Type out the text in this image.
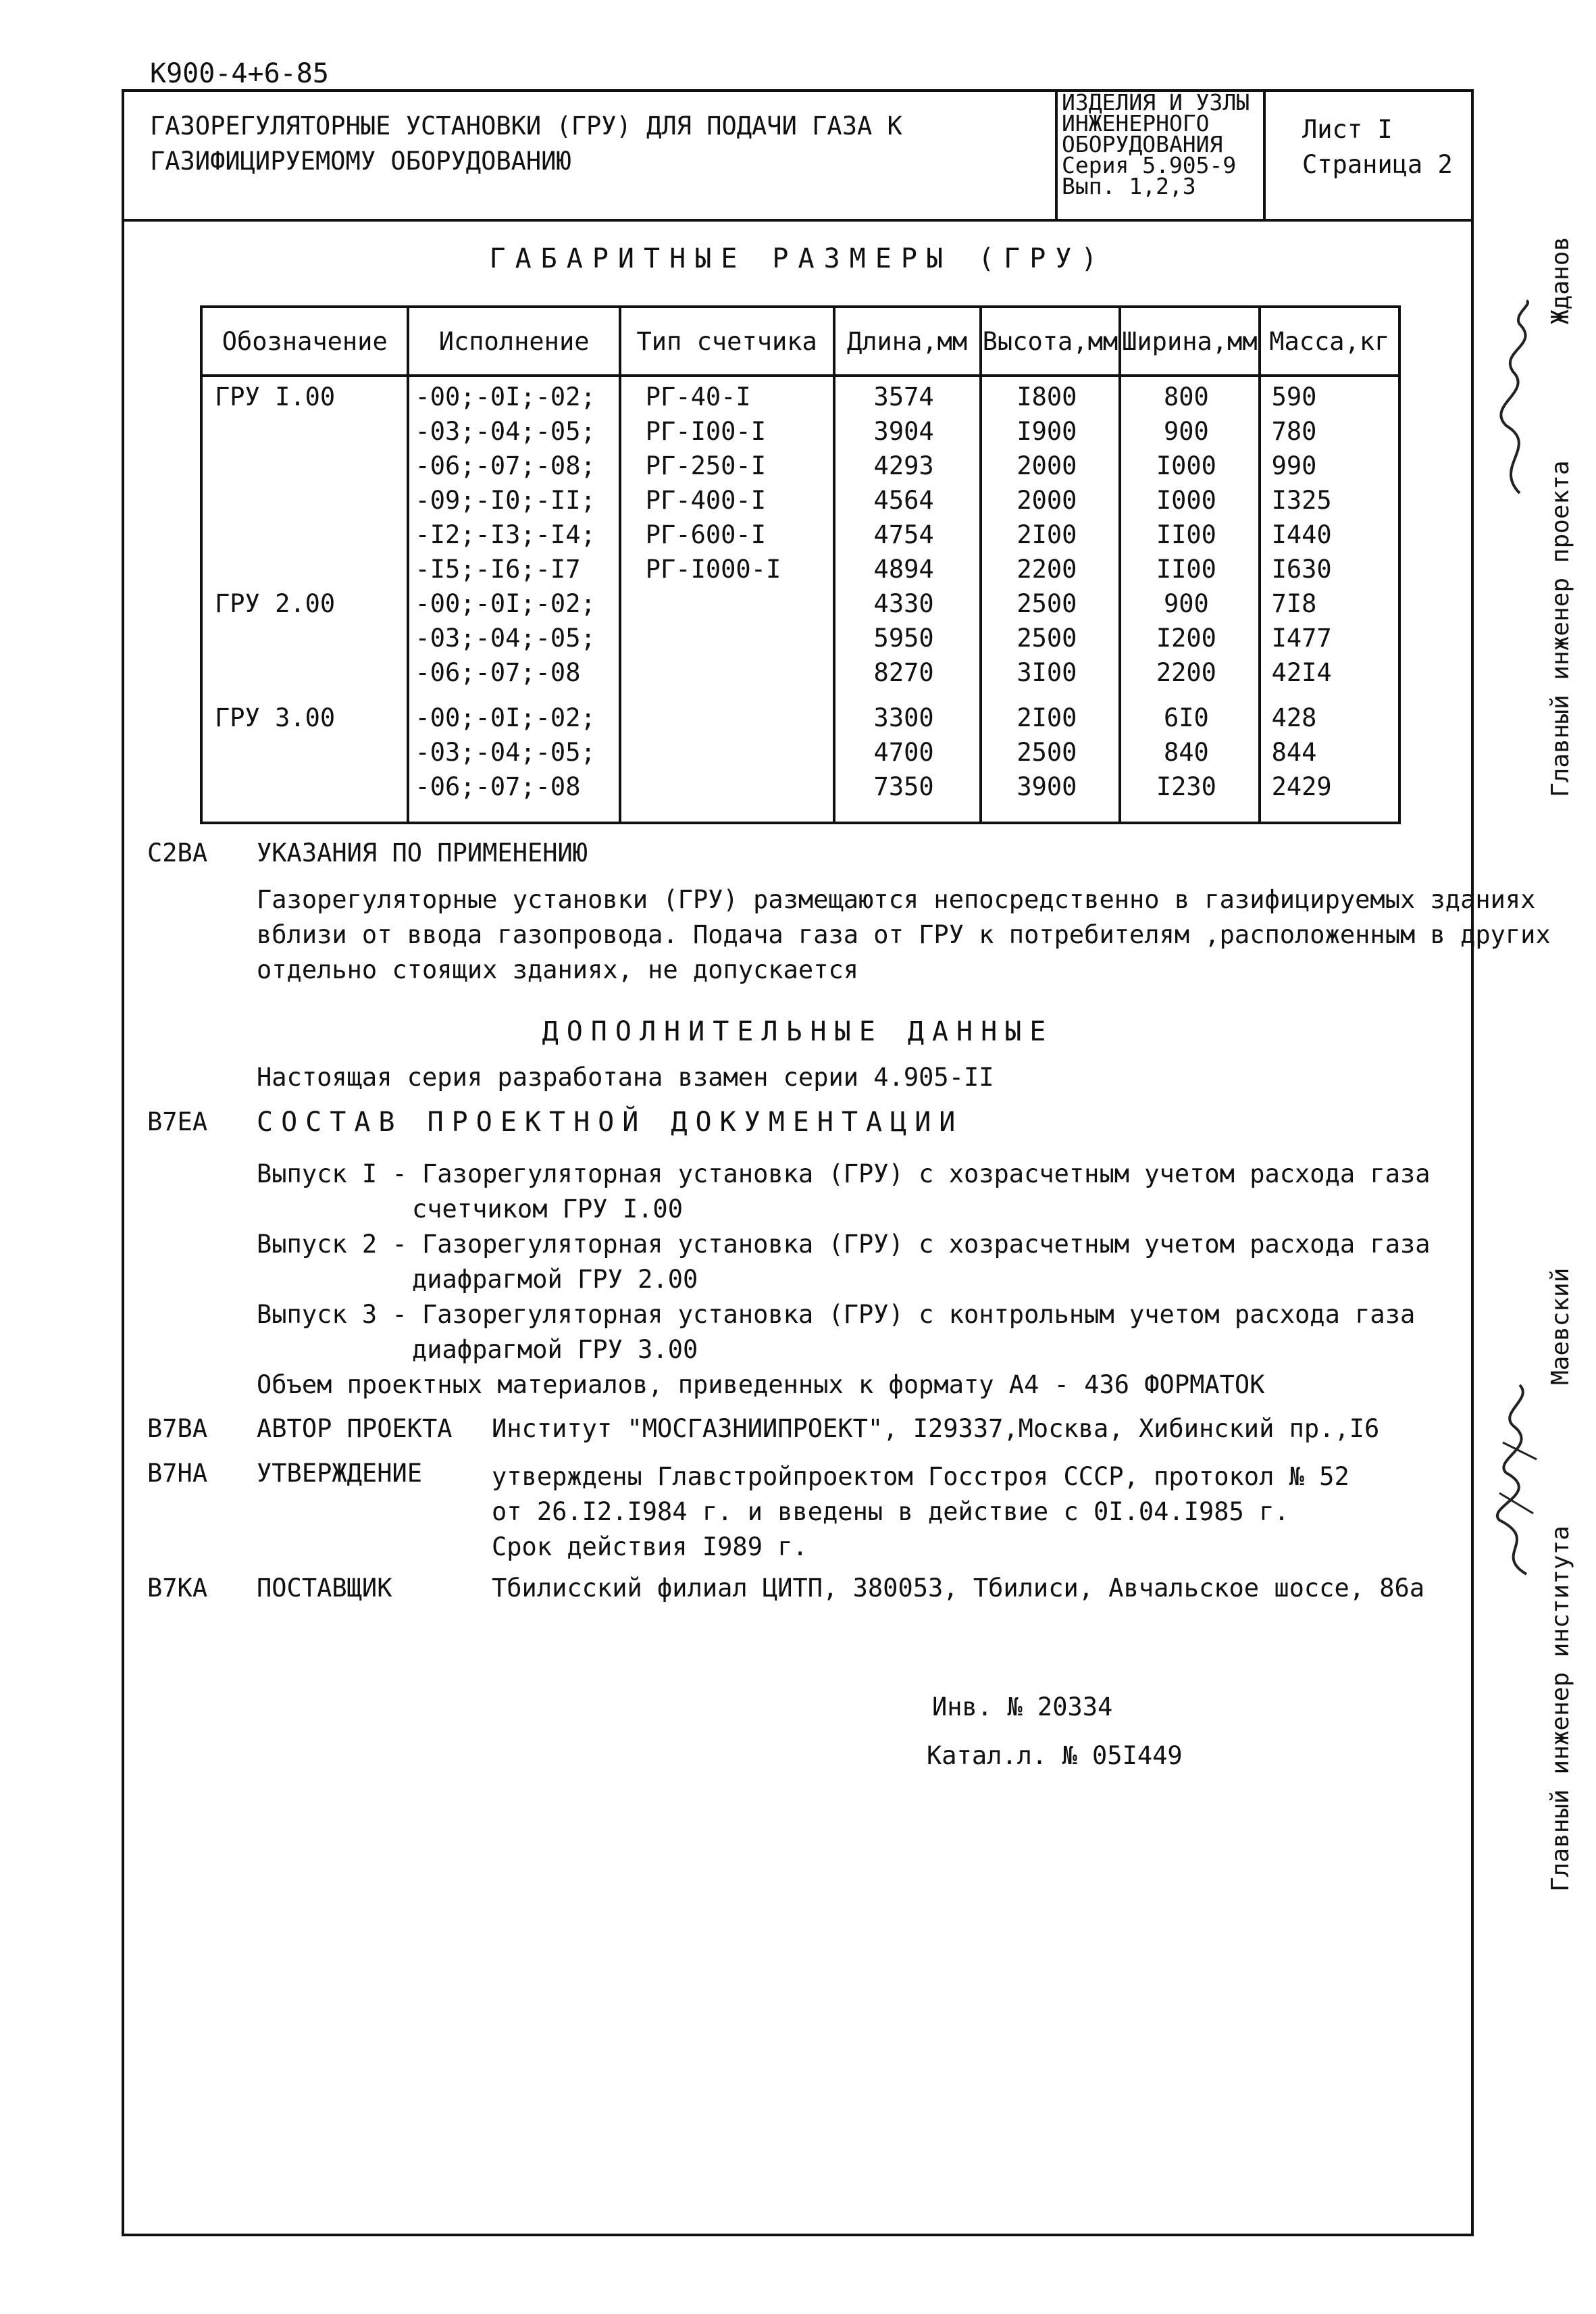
К900-4+6-85
ГАЗОРЕГУЛЯТОРНЫЕ УСТАНОВКИ (ГРУ) ДЛЯ ПОДАЧИ ГАЗА К
ГАЗИФИЦИРУЕМОМУ ОБОРУДОВАНИЮ
ИЗДЕЛИЯ И УЗЛЫ
ИНЖЕНЕРНОГО
ОБОРУДОВАНИЯ
Серия 5.905-9
Вып. 1,2,3
Лист I
Страница 2
ГАБАРИТНЫЕ РАЗМЕРЫ (ГРУ)
Обозначение	Исполнение	Тип счетчика	Длина,мм	Высота,мм	Ширина,мм	Масса,кг
ГРУ I.00	-00;-0I;-02;	РГ-40-I	3574	I800	800	590
	-03;-04;-05;	РГ-I00-I	3904	I900	900	780
	-06;-07;-08;	РГ-250-I	4293	2000	I000	990
	-09;-I0;-II;	РГ-400-I	4564	2000	I000	I325
	-I2;-I3;-I4;	РГ-600-I	4754	2I00	II00	I440
	-I5;-I6;-I7	РГ-I000-I	4894	2200	II00	I630
ГРУ 2.00	-00;-0I;-02;		4330	2500	900	7I8
	-03;-04;-05;		5950	2500	I200	I477
	-06;-07;-08		8270	3I00	2200	42I4
ГРУ 3.00	-00;-0I;-02;		3300	2I00	6I0	428
	-03;-04;-05;		4700	2500	840	844
	-06;-07;-08		7350	3900	I230	2429
С2ВА УКАЗАНИЯ ПО ПРИМЕНЕНИЮ
Газорегуляторные установки (ГРУ) размещаются непосредственно в газифицируемых зданиях
вблизи от ввода газопровода. Подача газа от ГРУ к потребителям ,расположенным в других
отдельно стоящих зданиях, не допускается
ДОПОЛНИТЕЛЬНЫЕ ДАННЫЕ
Настоящая серия разработана взамен серии 4.905-II
В7ЕА СОСТАВ ПРОЕКТНОЙ ДОКУМЕНТАЦИИ
Выпуск I - Газорегуляторная установка (ГРУ) с хозрасчетным учетом расхода газа
счетчиком ГРУ I.00
Выпуск 2 - Газорегуляторная установка (ГРУ) с хозрасчетным учетом расхода газа
диафрагмой ГРУ 2.00
Выпуск 3 - Газорегуляторная установка (ГРУ) с контрольным учетом расхода газа
диафрагмой ГРУ 3.00
Объем проектных материалов, приведенных к формату А4 - 436 ФОРМАТОК
В7ВА АВТОР ПРОЕКТА Институт "МОСГАЗНИИПРОЕКТ", I29337,Москва, Хибинский пр.,I6
В7НА УТВЕРЖДЕНИЕ	утверждены Главстройпроектом Госстроя СССР, протокол № 52
от 26.I2.I984 г. и введены в действие с 0I.04.I985 г.
Срок действия I989 г.
В7КА ПОСТАВЩИК	Тбилисский филиал ЦИТП, 380053, Тбилиси, Авчальское шоссе, 86а
Инв. № 20334
Катал.л. № 05I449
Главный инженер проекта
Жданов
Главный инженер института
Маевский
